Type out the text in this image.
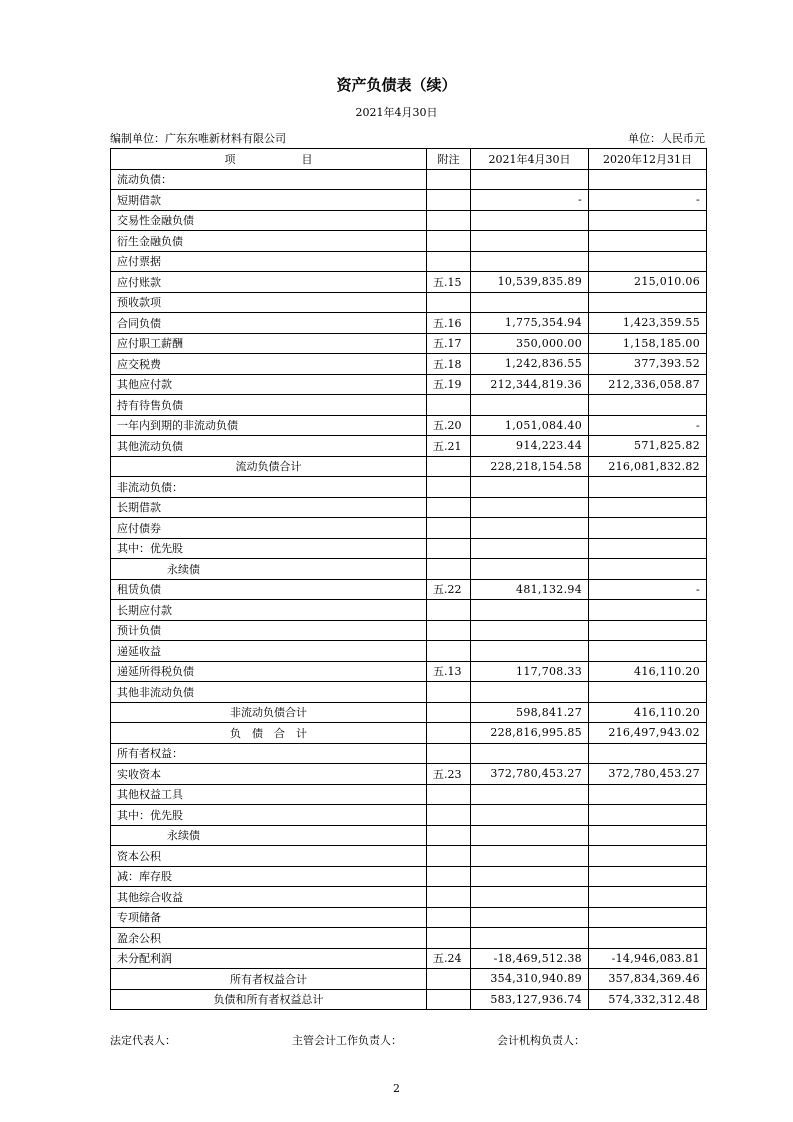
资产负债表（续）
2021年4月30日
编制单位：广东东唯新材料有限公司	单位：人民币元
项　　　　　　目	附注	2021年4月30日	2020年12月31日
流动负债：			
短期借款		-	-
交易性金融负债			
衍生金融负债			
应付票据			
应付账款	五.15	10,539,835.89	215,010.06
预收款项			
合同负债	五.16	1,775,354.94	1,423,359.55
应付职工薪酬	五.17	350,000.00	1,158,185.00
应交税费	五.18	1,242,836.55	377,393.52
其他应付款	五.19	212,344,819.36	212,336,058.87
持有待售负债			
一年内到期的非流动负债	五.20	1,051,084.40	-
其他流动负债	五.21	914,223.44	571,825.82
流动负债合计		228,218,154.58	216,081,832.82
非流动负债：			
长期借款			
应付债券			
其中：优先股			
永续债			
租赁负债	五.22	481,132.94	-
长期应付款			
预计负债			
递延收益			
递延所得税负债	五.13	117,708.33	416,110.20
其他非流动负债			
非流动负债合计		598,841.27	416,110.20
负　债　合　计		228,816,995.85	216,497,943.02
所有者权益：			
实收资本	五.23	372,780,453.27	372,780,453.27
其他权益工具			
其中：优先股			
永续债			
资本公积			
减：库存股			
其他综合收益			
专项储备			
盈余公积			
未分配利润	五.24	-18,469,512.38	-14,946,083.81
所有者权益合计		354,310,940.89	357,834,369.46
负债和所有者权益总计		583,127,936.74	574,332,312.48
法定代表人：	主管会计工作负责人：	会计机构负责人：
2
